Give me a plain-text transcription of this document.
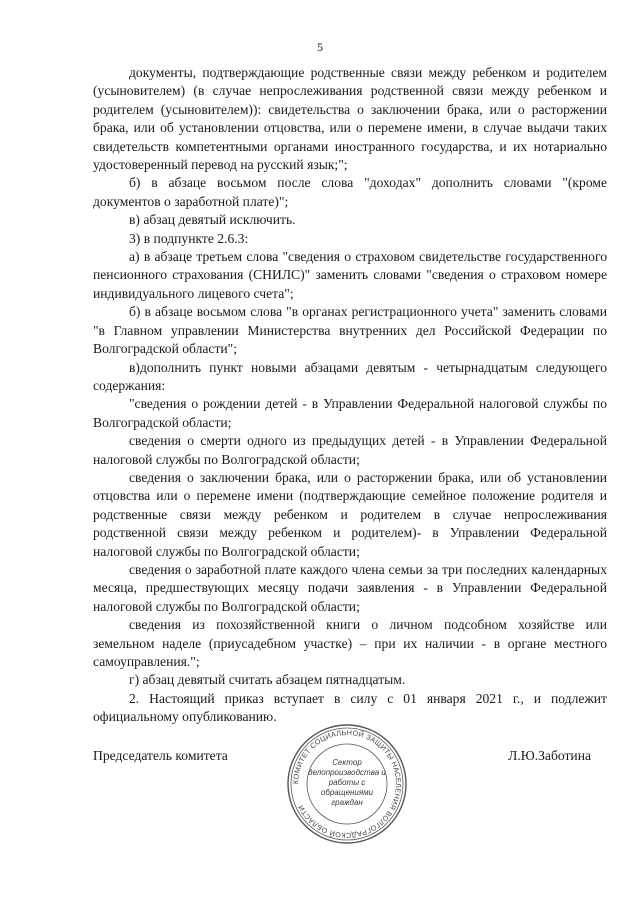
5

документы, подтверждающие родственные связи между ребенком и родителем (усыновителем) (в случае непрослеживания родственной связи между ребенком и родителем (усыновителем)): свидетельства о заключении брака, или о расторжении брака, или об установлении отцовства, или о перемене имени, в случае выдачи таких свидетельств компетентными органами иностранного государства, и их нотариально удостоверенный перевод на русский язык;";

б) в абзаце восьмом после слова "доходах" дополнить словами "(кроме документов о заработной плате)";

в) абзац девятый исключить.

3) в подпункте 2.6.3:

а) в абзаце третьем слова "сведения о страховом свидетельстве государственного пенсионного страхования (СНИЛС)" заменить словами "сведения о страховом номере индивидуального лицевого счета";

б) в абзаце восьмом слова "в органах регистрационного учета" заменить словами "в Главном управлении Министерства внутренних дел Российской Федерации по Волгоградской области";

в)дополнить пункт новыми абзацами девятым - четырнадцатым следующего содержания:

"сведения о рождении детей - в Управлении Федеральной налоговой службы по Волгоградской области;

сведения о смерти одного из предыдущих детей - в Управлении Федеральной налоговой службы по Волгоградской области;

сведения о заключении брака, или о расторжении брака, или об установлении отцовства или о перемене имени (подтверждающие семейное положение родителя и родственные связи между ребенком и родителем в случае непрослеживания родственной связи между ребенком и родителем)- в Управлении Федеральной налоговой службы по Волгоградской области;

сведения о заработной плате каждого члена семьи за три последних календарных месяца, предшествующих месяцу подачи заявления - в Управлении Федеральной налоговой службы по Волгоградской области;

сведения из похозяйственной книги о личном подсобном хозяйстве или земельном наделе (приусадебном участке) – при их наличии - в органе местного самоуправления.";

г) абзац девятый считать абзацем пятнадцатым.

2. Настоящий приказ вступает в силу с 01 января 2021 г., и подлежит официальному опубликованию.

Председатель комитета	Л.Ю.Заботина
КОМИТЕТ СОЦИАЛЬНОЙ ЗАЩИТЫ НАСЕЛЕНИЯ ВОЛГОГРАДСКОЙ ОБЛАСТИ
Сектор делопроизводства и работы с обращениями граждан
